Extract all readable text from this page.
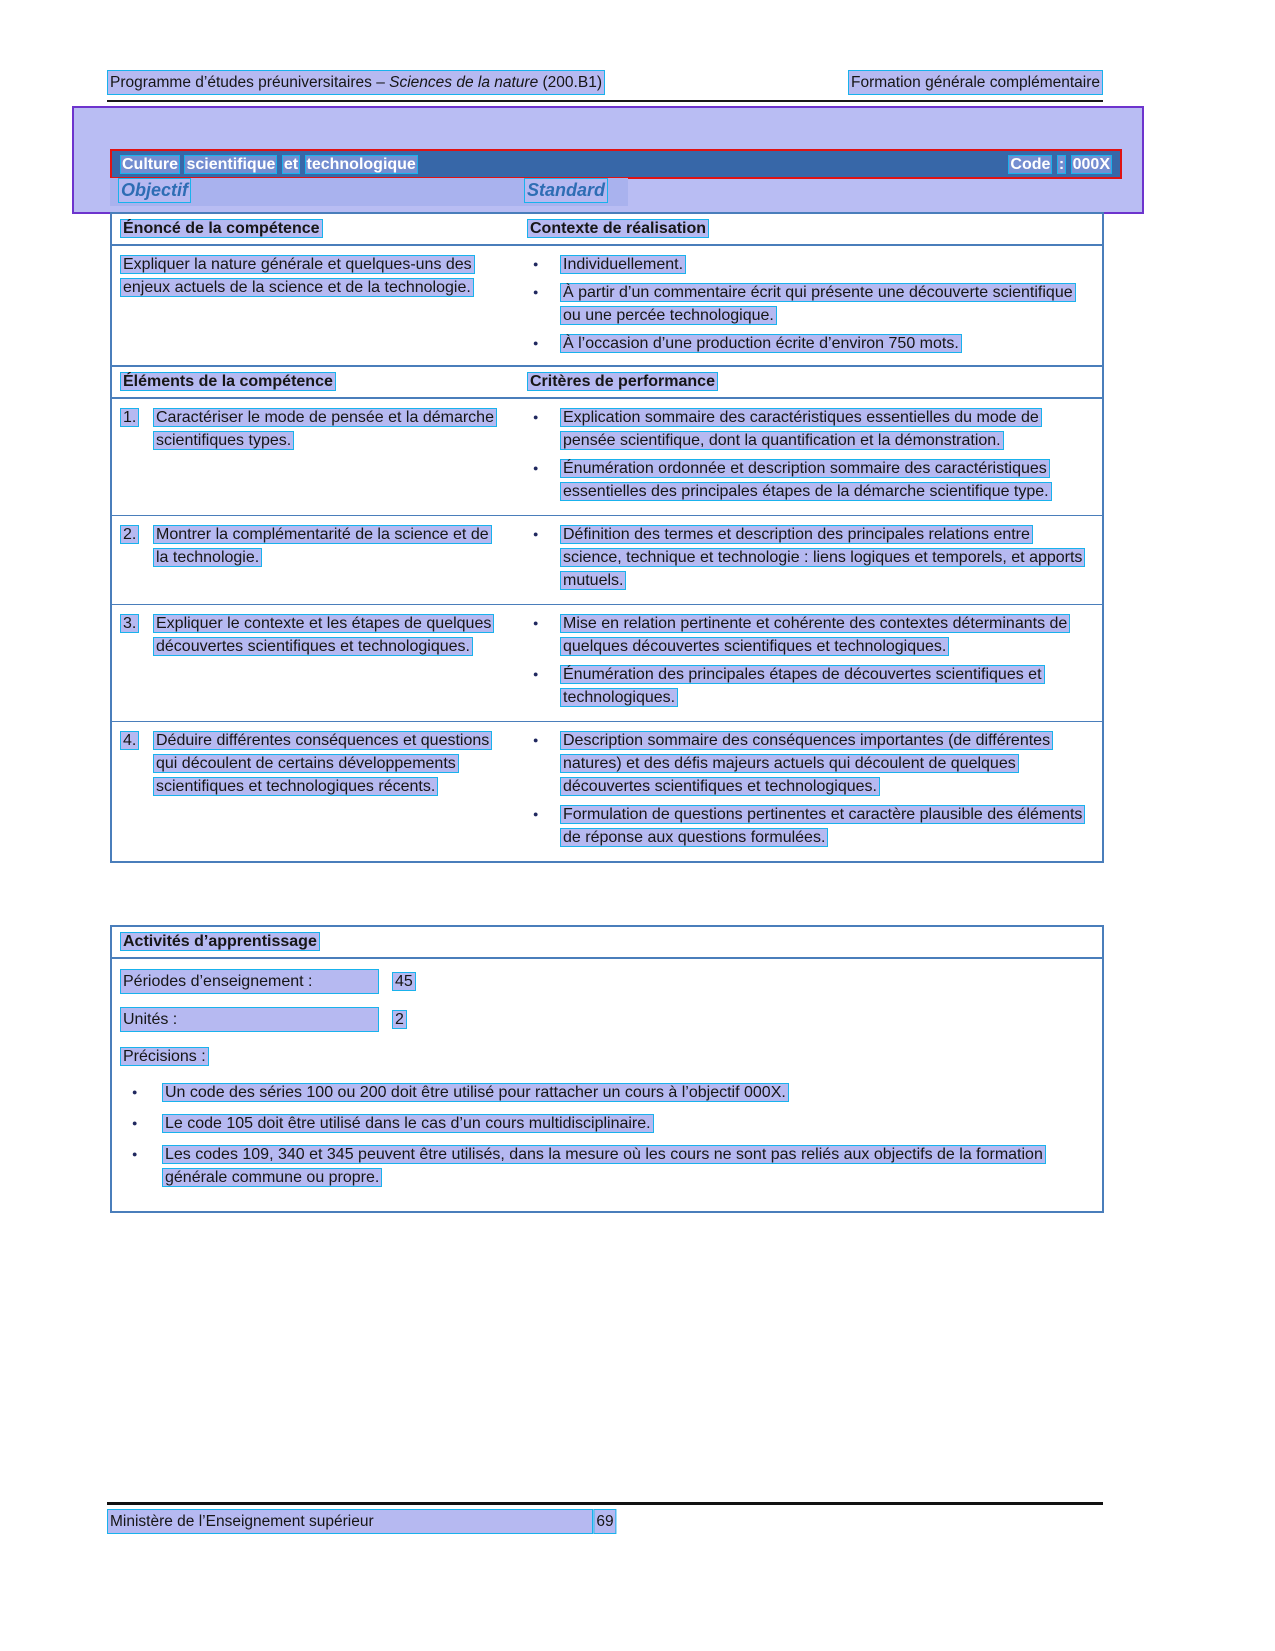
Programme d’études préuniversitaires – Sciences de la nature (200.B1)	Formation générale complémentaire
Culture scientifique et technologique	Code : 000X
Objectif	Standard
Énoncé de la compétence	Contexte de réalisation
Expliquer la nature générale et quelques-uns des enjeux actuels de la science et de la technologie.
● Individuellement.
● À partir d’un commentaire écrit qui présente une découverte scientifique ou une percée technologique.
● À l’occasion d’une production écrite d’environ 750 mots.
Éléments de la compétence	Critères de performance
1.	Caractériser le mode de pensée et la démarche scientifiques types.
● Explication sommaire des caractéristiques essentielles du mode de pensée scientifique, dont la quantification et la démonstration.
● Énumération ordonnée et description sommaire des caractéristiques essentielles des principales étapes de la démarche scientifique type.
2.	Montrer la complémentarité de la science et de la technologie.
● Définition des termes et description des principales relations entre science, technique et technologie : liens logiques et temporels, et apports mutuels.
3.	Expliquer le contexte et les étapes de quelques découvertes scientifiques et technologiques.
● Mise en relation pertinente et cohérente des contextes déterminants de quelques découvertes scientifiques et technologiques.
● Énumération des principales étapes de découvertes scientifiques et technologiques.
4.	Déduire différentes conséquences et questions qui découlent de certains développements scientifiques et technologiques récents.
● Description sommaire des conséquences importantes (de différentes natures) et des défis majeurs actuels qui découlent de quelques découvertes scientifiques et technologiques.
● Formulation de questions pertinentes et caractère plausible des éléments de réponse aux questions formulées.
Activités d’apprentissage
Périodes d’enseignement :	45
Unités :	2
Précisions :
● Un code des séries 100 ou 200 doit être utilisé pour rattacher un cours à l’objectif 000X.
● Le code 105 doit être utilisé dans le cas d’un cours multidisciplinaire.
● Les codes 109, 340 et 345 peuvent être utilisés, dans la mesure où les cours ne sont pas reliés aux objectifs de la formation générale commune ou propre.
Ministère de l’Enseignement supérieur	69
